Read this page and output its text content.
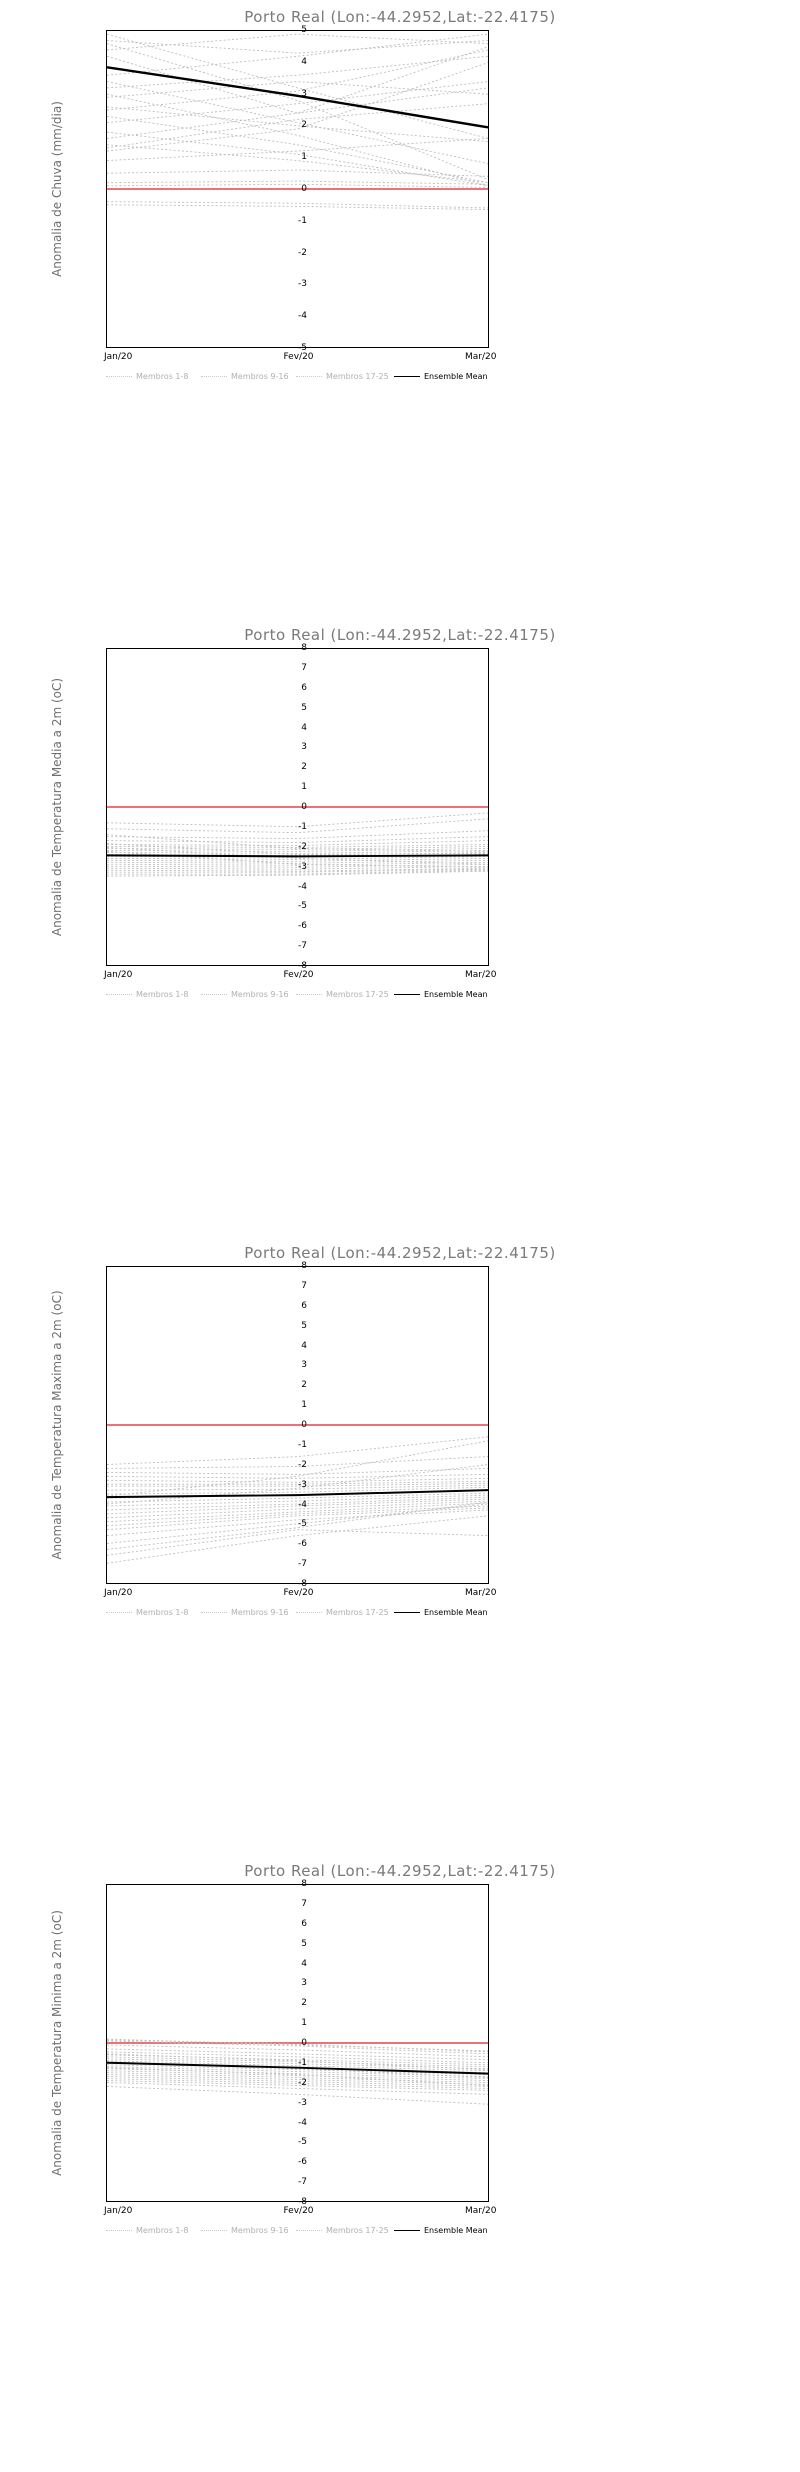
Porto Real (Lon:-44.2952,Lat:-22.4175)
Anomalia de Chuva (mm/dia)
-5
-4
-3
-2
-1
0
1
2
3
4
5
Jan/20	Fev/20	Mar/20
Membros 1-8	Membros 9-16	Membros 17-25	Ensemble Mean
Porto Real (Lon:-44.2952,Lat:-22.4175)
Anomalia de Temperatura Media a 2m (oC)
-8
-7
-6
-5
-4
-3
-2
-1
0
1
2
3
4
5
6
7
8
Jan/20	Fev/20	Mar/20
Membros 1-8	Membros 9-16	Membros 17-25	Ensemble Mean
Porto Real (Lon:-44.2952,Lat:-22.4175)
Anomalia de Temperatura Maxima a 2m (oC)
-8
-7
-6
-5
-4
-3
-2
-1
0
1
2
3
4
5
6
7
8
Jan/20	Fev/20	Mar/20
Membros 1-8	Membros 9-16	Membros 17-25	Ensemble Mean
Porto Real (Lon:-44.2952,Lat:-22.4175)
Anomalia de Temperatura Minima a 2m (oC)
-8
-7
-6
-5
-4
-3
-2
-1
0
1
2
3
4
5
6
7
8
Jan/20	Fev/20	Mar/20
Membros 1-8	Membros 9-16	Membros 17-25	Ensemble Mean
